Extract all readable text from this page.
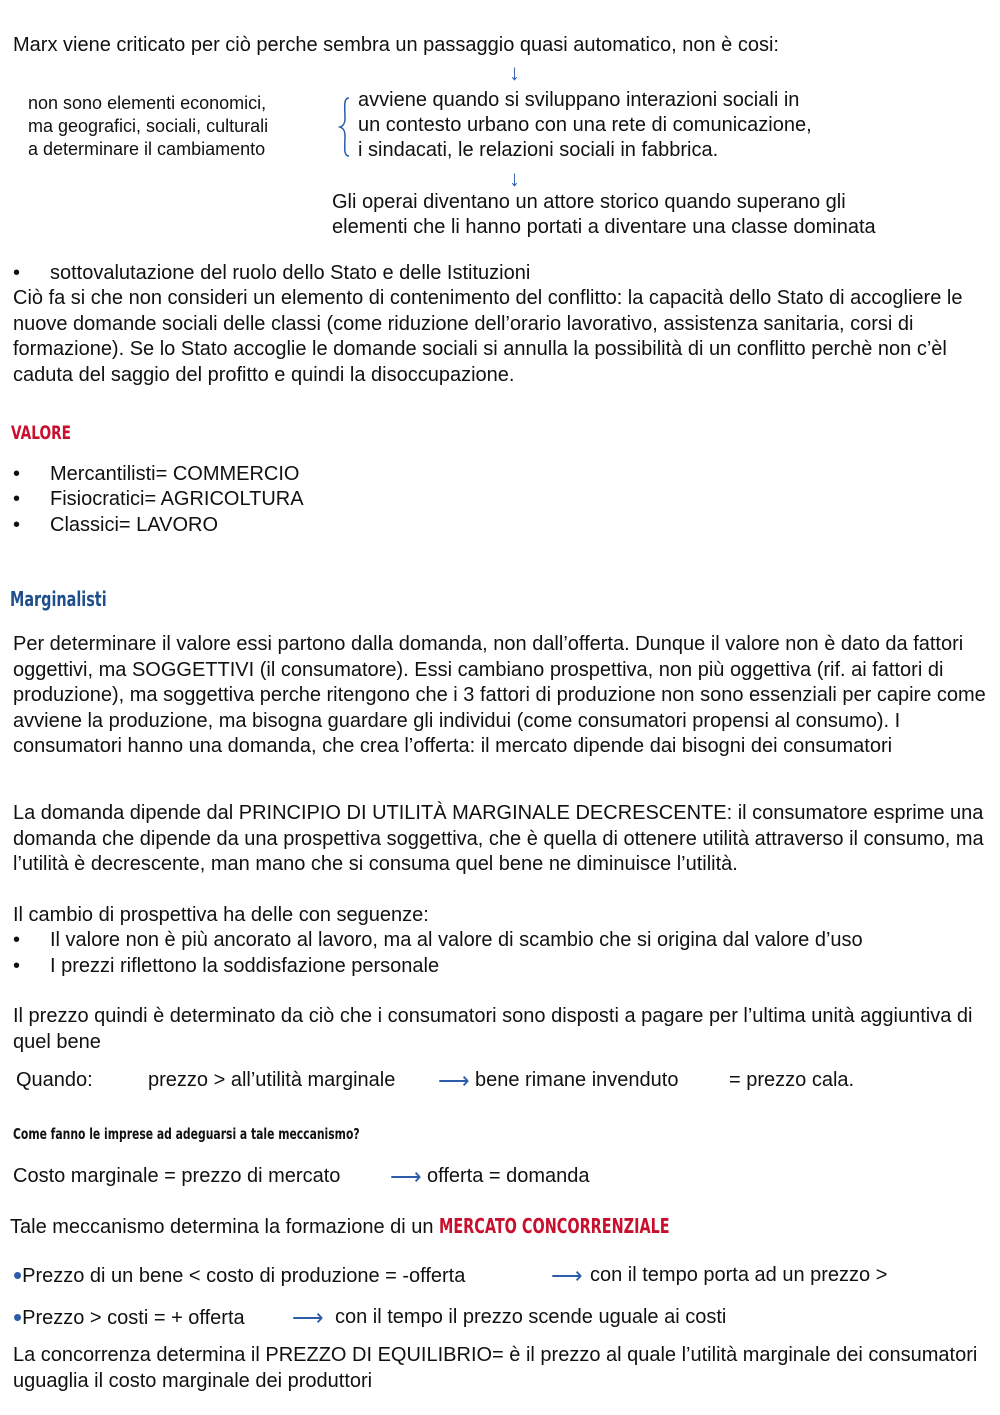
Marx viene criticato per ciò perche sembra un passaggio quasi automatico, non è cosi:
↓
non sono elementi economici,
ma geografici, sociali, culturali
a determinare il cambiamento
avviene quando si sviluppano interazioni sociali in
un contesto urbano con una rete di comunicazione,
i sindacati, le relazioni sociali in fabbrica.
↓
Gli operai diventano un attore storico quando superano gli
elementi che li hanno portati a diventare una classe dominata
• sottovalutazione del ruolo dello Stato e delle Istituzioni
Ciò fa si che non consideri un elemento di contenimento del conflitto: la capacità dello Stato di accogliere le nuove domande sociali delle classi (come riduzione dell’orario lavorativo, assistenza sanitaria, corsi di formazione). Se lo Stato accoglie le domande sociali si annulla la possibilità di un conflitto perchè non c’èl caduta del saggio del profitto e quindi la disoccupazione.
VALORE
• Mercantilisti= COMMERCIO
• Fisiocratici= AGRICOLTURA
• Classici= LAVORO
Marginalisti
Per determinare il valore essi partono dalla domanda, non dall’offerta. Dunque il valore non è dato da fattori oggettivi, ma SOGGETTIVI (il consumatore). Essi cambiano prospettiva, non più oggettiva (rif. ai fattori di produzione), ma soggettiva perche ritengono che i 3 fattori di produzione non sono essenziali per capire come avviene la produzione, ma bisogna guardare gli individui (come consumatori propensi al consumo). I consumatori hanno una domanda, che crea l’offerta: il mercato dipende dai bisogni dei consumatori
La domanda dipende dal PRINCIPIO DI UTILITÀ MARGINALE DECRESCENTE: il consumatore esprime una domanda che dipende da una prospettiva soggettiva, che è quella di ottenere utilità attraverso il consumo, ma l’utilità è decrescente, man mano che si consuma quel bene ne diminuisce l’utilità.
Il cambio di prospettiva ha delle con seguenze:
• Il valore non è più ancorato al lavoro, ma al valore di scambio che si origina dal valore d’uso
• I prezzi riflettono la soddisfazione personale
Il prezzo quindi è determinato da ciò che i consumatori sono disposti a pagare per l’ultima unità aggiuntiva di quel bene
Quando:	prezzo > all’utilità marginale ⟶ bene rimane invenduto	= prezzo cala.
Come fanno le imprese ad adeguarsi a tale meccanismo?
Costo marginale = prezzo di mercato ⟶ offerta = domanda
Tale meccanismo determina la formazione di un MERCATO CONCORRENZIALE
•Prezzo di un bene < costo di produzione = -offerta	⟶ con il tempo porta ad un prezzo >
•Prezzo > costi = + offerta ⟶ con il tempo il prezzo scende uguale ai costi
La concorrenza determina il PREZZO DI EQUILIBRIO= è il prezzo al quale l’utilità marginale dei consumatori uguaglia il costo marginale dei produttori
